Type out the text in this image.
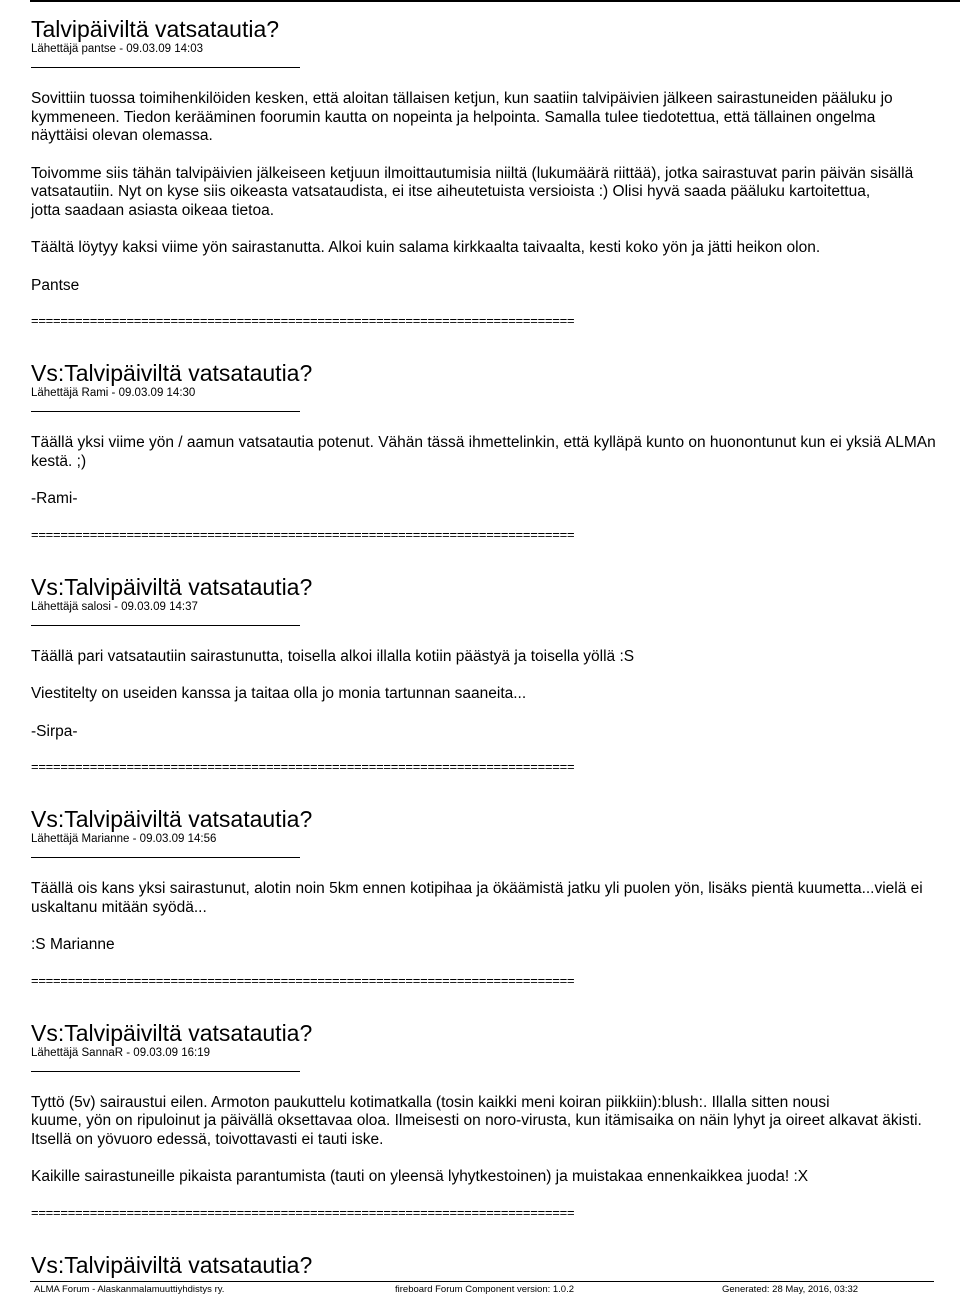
Talvipäiviltä vatsatautia?
Lähettäjä pantse - 09.03.09 14:03
Sovittiin tuossa toimihenkilöiden kesken, että aloitan tällaisen ketjun, kun saatiin talvipäivien jälkeen sairastuneiden pääluku jo
kymmeneen. Tiedon kerääminen foorumin kautta on nopeinta ja helpointa. Samalla tulee tiedotettua, että tällainen ongelma
näyttäisi olevan olemassa.
Toivomme siis tähän talvipäivien jälkeiseen ketjuun ilmoittautumisia niiltä (lukumäärä riittää), jotka sairastuvat parin päivän sisällä
vatsatautiin. Nyt on kyse siis oikeasta vatsataudista, ei itse aiheutetuista versioista :) Olisi hyvä saada pääluku kartoitettua,
jotta saadaan asiasta oikeaa tietoa.
Täältä löytyy kaksi viime yön sairastanutta. Alkoi kuin salama kirkkaalta taivaalta, kesti koko yön ja jätti heikon olon.
Pantse
==========================================================================
Vs:Talvipäiviltä vatsatautia?
Lähettäjä Rami - 09.03.09 14:30
Täällä yksi viime yön / aamun vatsatautia potenut. Vähän tässä ihmettelinkin, että kylläpä kunto on huonontunut kun ei yksiä ALMAn
kestä. ;)
-Rami-
==========================================================================
Vs:Talvipäiviltä vatsatautia?
Lähettäjä salosi - 09.03.09 14:37
Täällä pari vatsatautiin sairastunutta, toisella alkoi illalla kotiin päästyä ja toisella yöllä :S
Viestitelty on useiden kanssa ja taitaa olla jo monia tartunnan saaneita...
-Sirpa-
==========================================================================
Vs:Talvipäiviltä vatsatautia?
Lähettäjä Marianne - 09.03.09 14:56
Täällä ois kans yksi sairastunut, alotin noin 5km ennen kotipihaa ja ökäämistä jatku yli puolen yön, lisäks pientä kuumetta...vielä ei
uskaltanu mitään syödä...
:S Marianne
==========================================================================
Vs:Talvipäiviltä vatsatautia?
Lähettäjä SannaR - 09.03.09 16:19
Tyttö (5v) sairaustui eilen. Armoton paukuttelu kotimatkalla (tosin kaikki meni koiran piikkiin):blush:. Illalla sitten nousi
kuume, yön on ripuloinut ja päivällä oksettavaa oloa. Ilmeisesti on noro-virusta, kun itämisaika on näin lyhyt ja oireet alkavat äkisti.
Itsellä on yövuoro edessä, toivottavasti ei tauti iske.
Kaikille sairastuneille pikaista parantumista (tauti on yleensä lyhytkestoinen) ja muistakaa ennenkaikkea juoda! :X
==========================================================================
Vs:Talvipäiviltä vatsatautia?
ALMA Forum - Alaskanmalamuuttiyhdistys ry.	fireboard Forum Component version: 1.0.2	Generated: 28 May, 2016, 03:32
